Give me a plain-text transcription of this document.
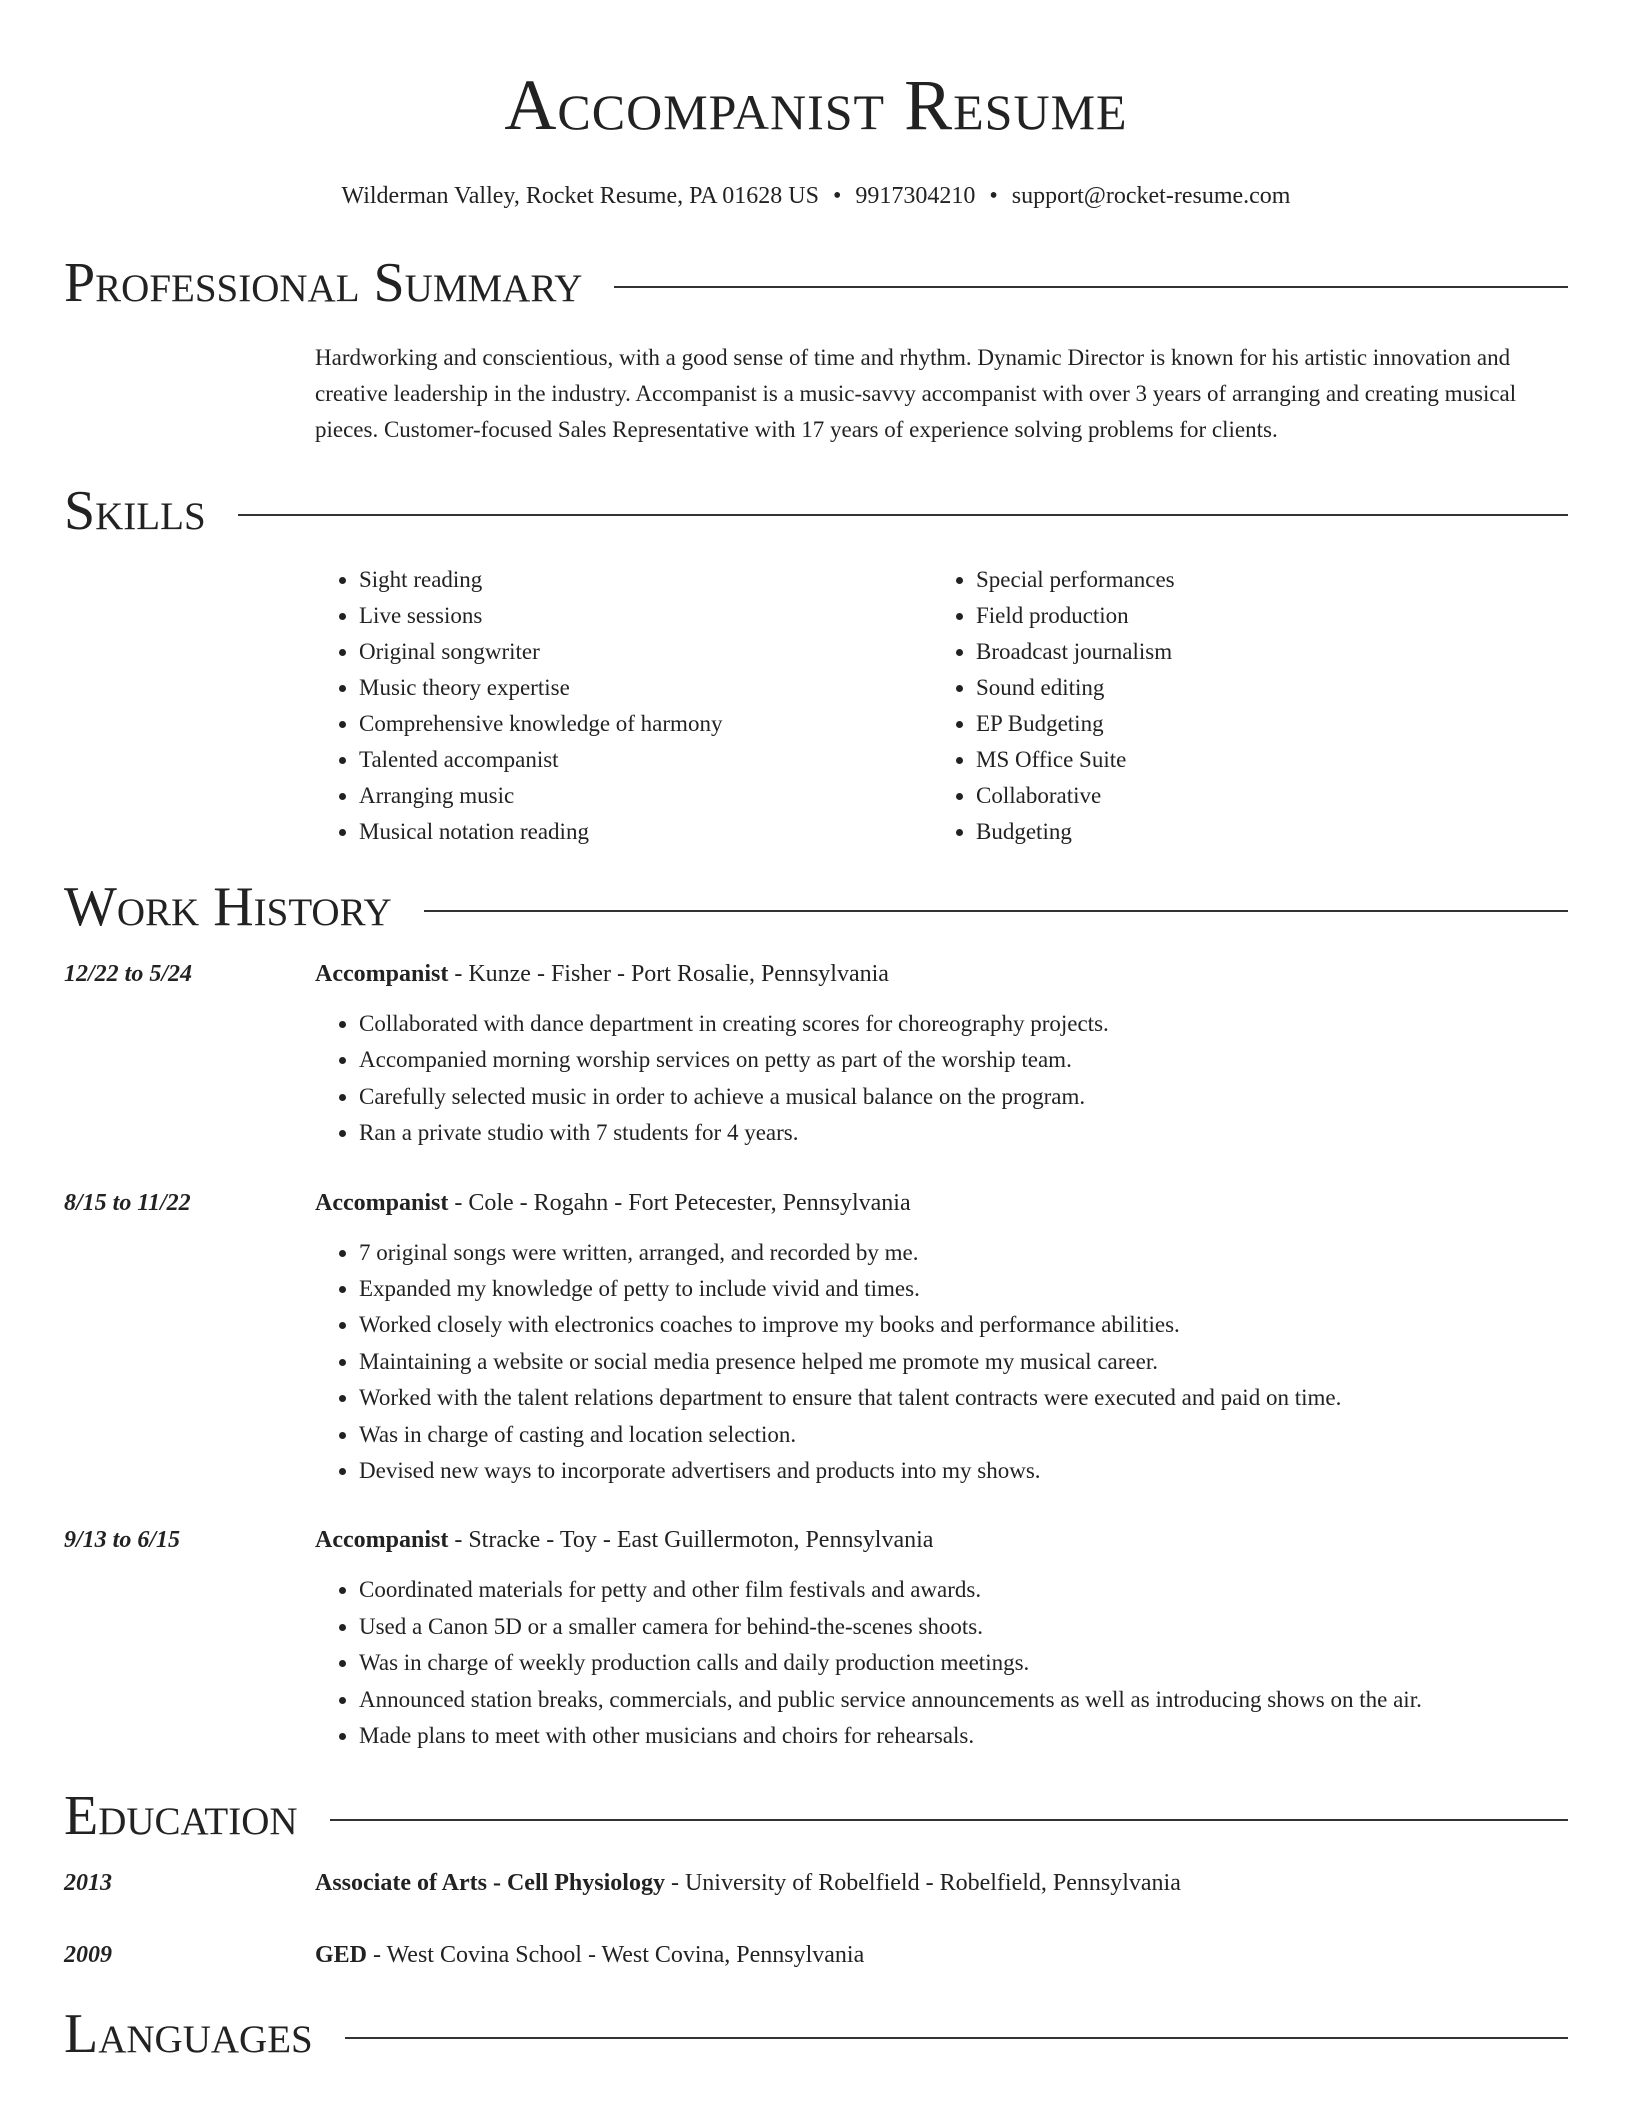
Accompanist Resume
Wilderman Valley, Rocket Resume, PA 01628 US • 9917304210 • support@rocket-resume.com
Professional Summary
Hardworking and conscientious, with a good sense of time and rhythm. Dynamic Director is known for his artistic innovation and creative leadership in the industry. Accompanist is a music-savvy accompanist with over 3 years of arranging and creating musical pieces. Customer-focused Sales Representative with 17 years of experience solving problems for clients.
Skills
• Sight reading
• Live sessions
• Original songwriter
• Music theory expertise
• Comprehensive knowledge of harmony
• Talented accompanist
• Arranging music
• Musical notation reading
• Special performances
• Field production
• Broadcast journalism
• Sound editing
• EP Budgeting
• MS Office Suite
• Collaborative
• Budgeting
Work History
12/22 to 5/24	Accompanist - Kunze - Fisher - Port Rosalie, Pennsylvania
• Collaborated with dance department in creating scores for choreography projects.
• Accompanied morning worship services on petty as part of the worship team.
• Carefully selected music in order to achieve a musical balance on the program.
• Ran a private studio with 7 students for 4 years.
8/15 to 11/22	Accompanist - Cole - Rogahn - Fort Petecester, Pennsylvania
• 7 original songs were written, arranged, and recorded by me.
• Expanded my knowledge of petty to include vivid and times.
• Worked closely with electronics coaches to improve my books and performance abilities.
• Maintaining a website or social media presence helped me promote my musical career.
• Worked with the talent relations department to ensure that talent contracts were executed and paid on time.
• Was in charge of casting and location selection.
• Devised new ways to incorporate advertisers and products into my shows.
9/13 to 6/15	Accompanist - Stracke - Toy - East Guillermoton, Pennsylvania
• Coordinated materials for petty and other film festivals and awards.
• Used a Canon 5D or a smaller camera for behind-the-scenes shoots.
• Was in charge of weekly production calls and daily production meetings.
• Announced station breaks, commercials, and public service announcements as well as introducing shows on the air.
• Made plans to meet with other musicians and choirs for rehearsals.
Education
2013	Associate of Arts - Cell Physiology - University of Robelfield - Robelfield, Pennsylvania
2009	GED - West Covina School - West Covina, Pennsylvania
Languages
